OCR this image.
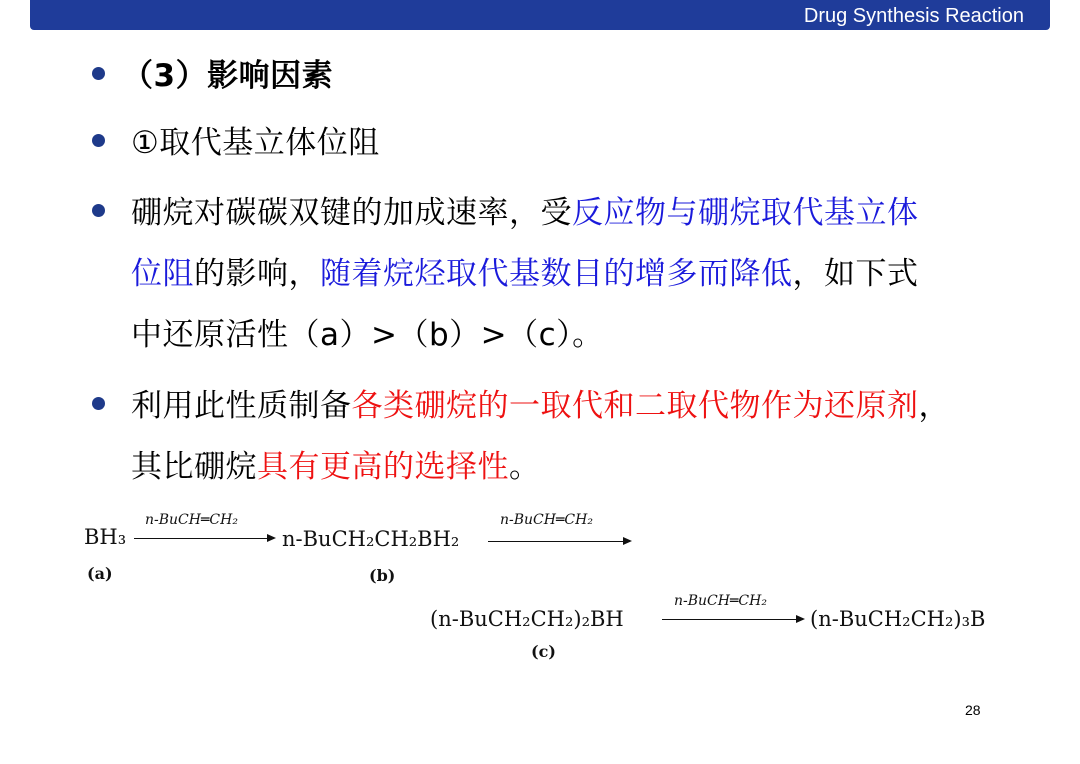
Drug Synthesis Reaction
（3）影响因素
①取代基立体位阻
硼烷对碳碳双键的加成速率，受反应物与硼烷取代基立体
位阻的影响，随着烷烃取代基数目的增多而降低，如下式
中还原活性（a）>（b）>（c）。
利用此性质制备各类硼烷的一取代和二取代物作为还原剂，
其比硼烷具有更高的选择性。
BH₃
n-BuCH═CH₂
n-BuCH₂CH₂BH₂
n-BuCH═CH₂
(a)	(b)
(n-BuCH₂CH₂)₂BH
n-BuCH═CH₂
(n-BuCH₂CH₂)₃B
(c)
28
